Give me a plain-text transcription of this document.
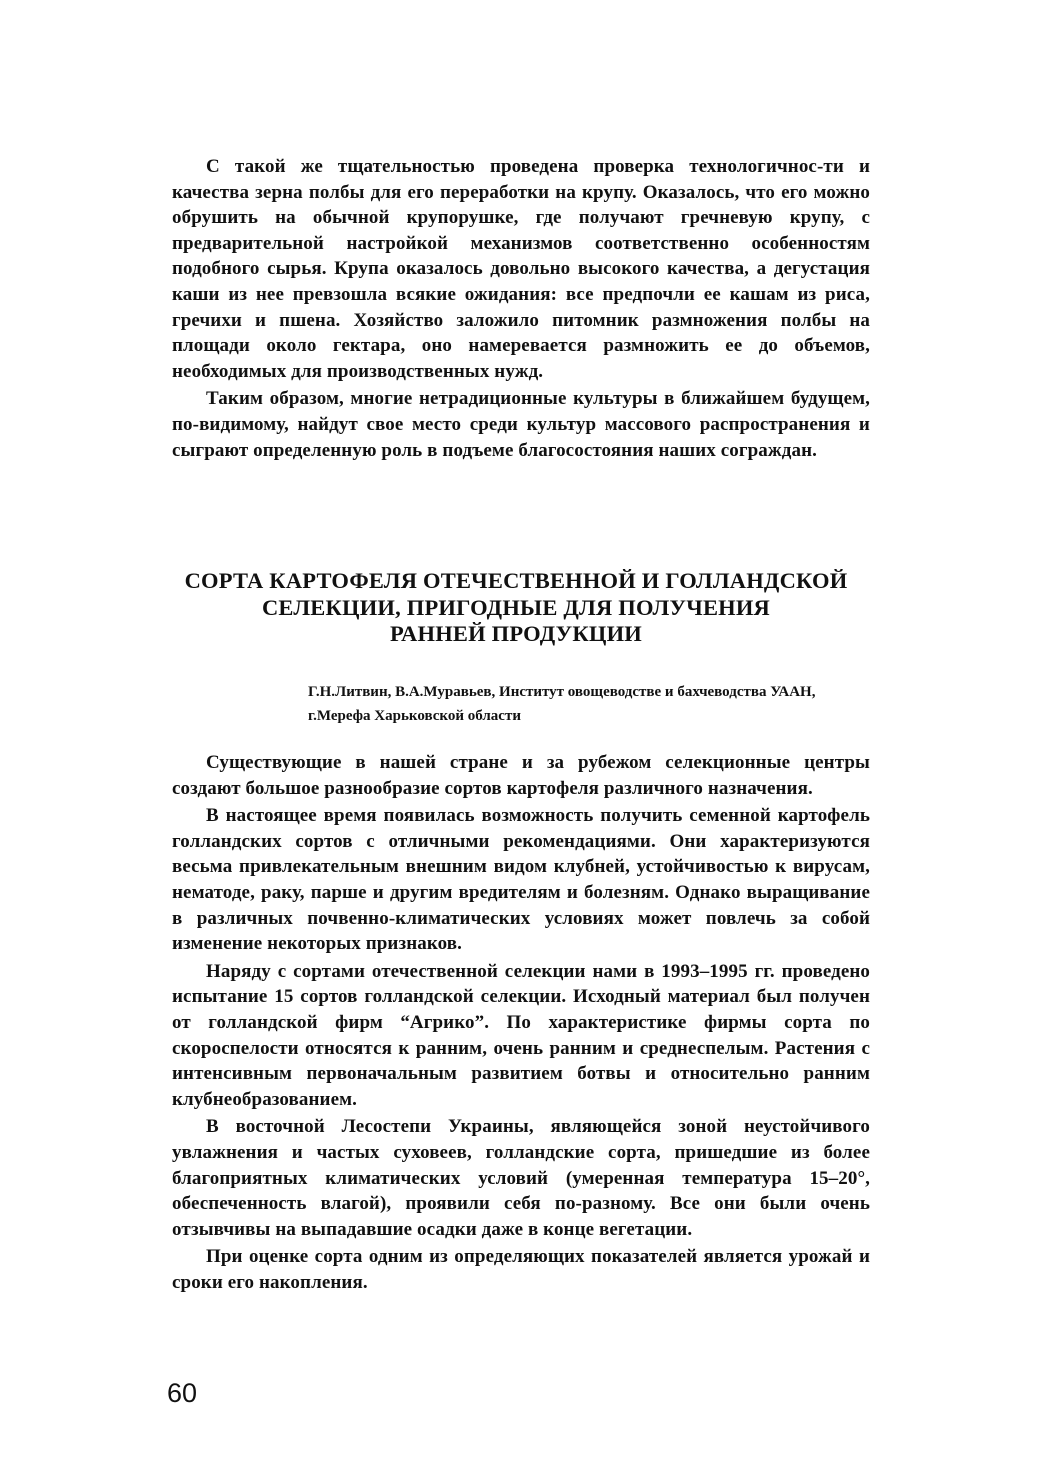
С такой же тщательностью проведена проверка технологичнос-ти и качества зерна полбы для его переработки на крупу. Оказалось, что его можно обрушить на обычной крупорушке, где получают гречневую крупу, с предварительной настройкой механизмов соответственно особенностям подобного сырья. Крупа оказалось довольно высокого качества, а дегустация каши из нее превзошла всякие ожидания: все предпочли ее кашам из риса, гречихи и пшена. Хозяйство заложило питомник размножения полбы на площади около гектара, оно намеревается размножить ее до объемов, необходимых для производственных нужд.

Таким образом, многие нетрадиционные культуры в ближайшем будущем, по-видимому, найдут свое место среди культур массового распространения и сыграют определенную роль в подъеме благосостояния наших сограждан.

СОРТА КАРТОФЕЛЯ ОТЕЧЕСТВЕННОЙ И ГОЛЛАНДСКОЙ
СЕЛЕКЦИИ, ПРИГОДНЫЕ ДЛЯ ПОЛУЧЕНИЯ
РАННЕЙ ПРОДУКЦИИ

Г.Н.Литвин, В.А.Муравьев, Институт овощеводстве и бахчеводства УААН, г.Мерефа Харьковской области

Существующие в нашей стране и за рубежом селекционные центры создают большое разнообразие сортов картофеля различного назначения.

В настоящее время появилась возможность получить семенной картофель голландских сортов с отличными рекомендациями. Они характеризуются весьма привлекательным внешним видом клубней, устойчивостью к вирусам, нематоде, раку, парше и другим вредителям и болезням. Однако выращивание в различных почвенно-климатических условиях может повлечь за собой изменение некоторых признаков.

Наряду с сортами отечественной селекции нами в 1993–1995 гг. проведено испытание 15 сортов голландской селекции. Исходный материал был получен от голландской фирм “Агрико”. По характеристике фирмы сорта по скороспелости относятся к ранним, очень ранним и среднеспелым. Растения с интенсивным первоначальным развитием ботвы и относительно ранним клубнеобразованием.

В восточной Лесостепи Украины, являющейся зоной неустойчивого увлажнения и частых суховеев, голландские сорта, пришедшие из более благоприятных климатических условий (умеренная температура 15–20°, обеспеченность влагой), проявили себя по-разному. Все они были очень отзывчивы на выпадавшие осадки даже в конце вегетации.

При оценке сорта одним из определяющих показателей является урожай и сроки его накопления.

60
